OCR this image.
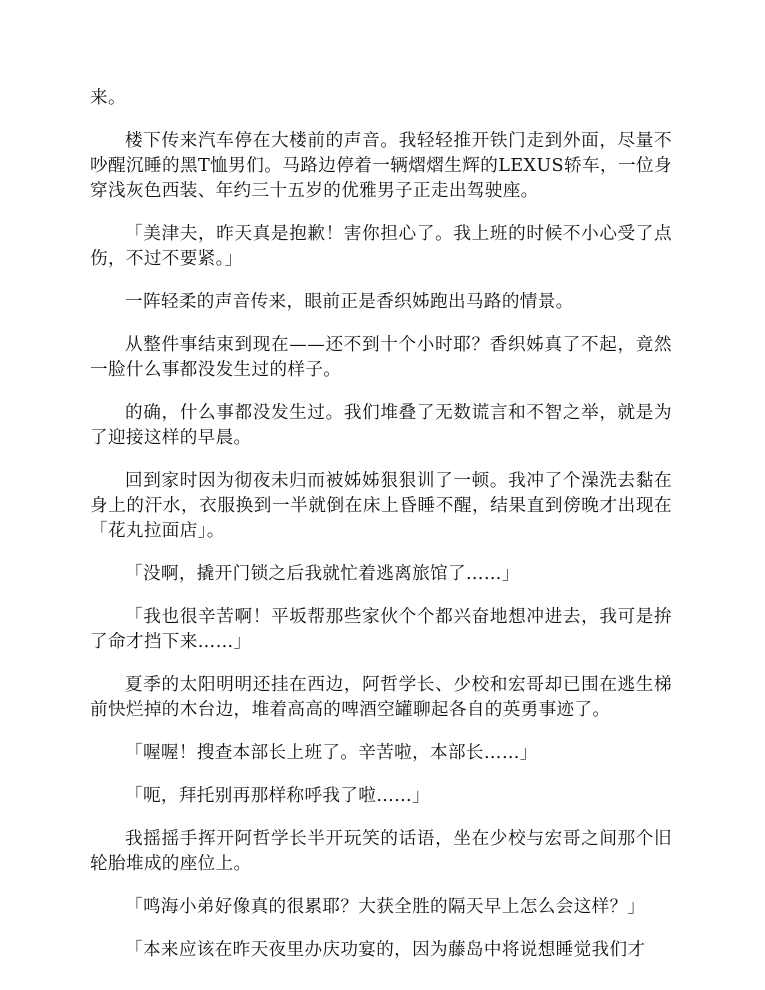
来。

楼下传来汽车停在大楼前的声音。我轻轻推开铁门走到外面，尽量不吵醒沉睡的黑T恤男们。马路边停着一辆熠熠生辉的LEXUS轿车，一位身穿浅灰色西装、年约三十五岁的优雅男子正走出驾驶座。

「美津夫，昨天真是抱歉！害你担心了。我上班的时候不小心受了点伤，不过不要紧。」

一阵轻柔的声音传来，眼前正是香织姊跑出马路的情景。

从整件事结束到现在——还不到十个小时耶？香织姊真了不起，竟然一脸什么事都没发生过的样子。

的确，什么事都没发生过。我们堆叠了无数谎言和不智之举，就是为了迎接这样的早晨。

回到家时因为彻夜未归而被姊姊狠狠训了一顿。我冲了个澡洗去黏在身上的汗水，衣服换到一半就倒在床上昏睡不醒，结果直到傍晚才出现在「花丸拉面店」。

「没啊，撬开门锁之后我就忙着逃离旅馆了……」

「我也很辛苦啊！平坂帮那些家伙个个都兴奋地想冲进去，我可是拚了命才挡下来……」

夏季的太阳明明还挂在西边，阿哲学长、少校和宏哥却已围在逃生梯前快烂掉的木台边，堆着高高的啤酒空罐聊起各自的英勇事迹了。

「喔喔！搜查本部长上班了。辛苦啦，本部长……」

「呃，拜托别再那样称呼我了啦……」

我摇摇手挥开阿哲学长半开玩笑的话语，坐在少校与宏哥之间那个旧轮胎堆成的座位上。

「鸣海小弟好像真的很累耶？大获全胜的隔天早上怎么会这样？」

「本来应该在昨天夜里办庆功宴的，因为藤岛中将说想睡觉我们才
